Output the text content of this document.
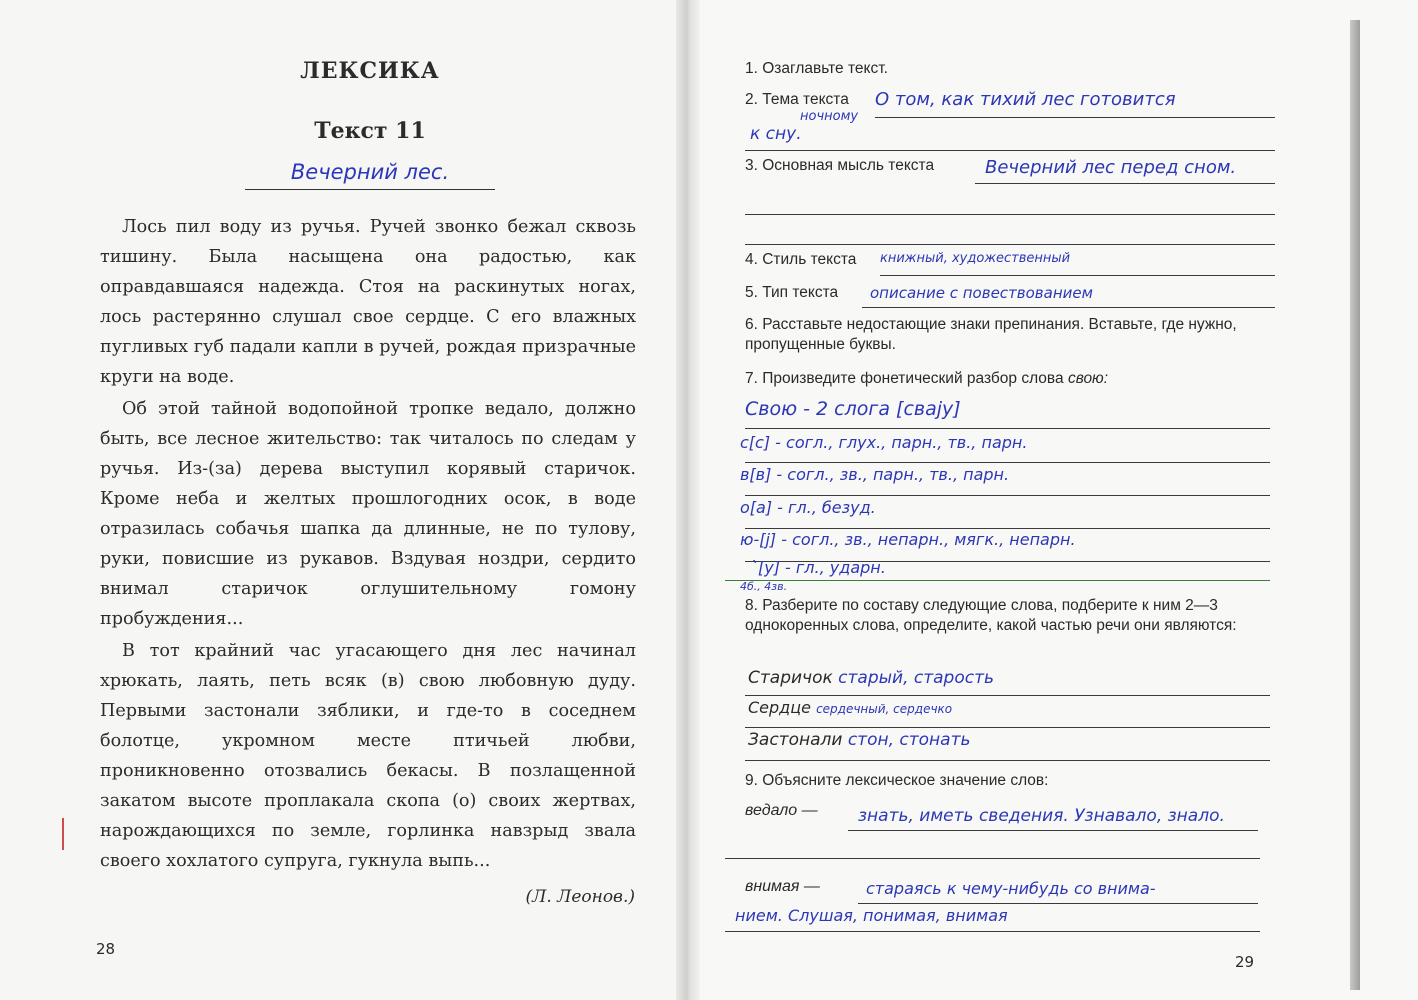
ЛЕКСИКА
Текст 11
Вечерний лес.

Лось пил воду из ручья. Ручей звонко бежал сквозь тишину. Была насыщена она радостью, как оправдавшаяся надежда. Стоя на раскинутых ногах, лось растерянно слушал свое сердце. С его влажных пугливых губ падали капли в ручей, рождая призрачные круги на воде.

Об этой тайной водопойной тропке ведало, должно быть, все лесное жительство: так читалось по следам у ручья. Из-(за) дерева выступил корявый старичок. Кроме неба и желтых прошлогодних осок, в воде отразилась собачья шапка да длинные, не по тулову, руки, повисшие из рукавов. Вздувая ноздри, сердито внимал старичок оглушительному гомону пробуждения...

В тот крайний час угасающего дня лес начинал хрюкать, лаять, петь всяк (в) свою любовную дуду. Первыми застонали зяблики, и где-то в соседнем болотце, укромном месте птичьей любви, проникновенно отозвались бекасы. В позлащенной закатом высоте проплакала скопа (о) своих жертвах, нарождающихся по земле, горлинка навзрыд звала своего хохлатого супруга, гукнула выпь...

(Л. Леонов.)
28
1. Озаглавьте текст.
2. Тема текста О том, как тихий лес готовится
ночному
к сну.
3. Основная мысль текста	Вечерний лес перед сном.
4. Стиль текста книжный, художественный
5. Тип текста описание с повествованием
6. Расставьте недостающие знаки препинания. Вставьте, где нужно, пропущенные буквы.
7. Произведите фонетический разбор слова свою:
Свою - 2 слога [сваjу]
с[с] - согл., глух., парн., тв., парн.
в[в] - согл., зв., парн., тв., парн.
о[а] - гл., безуд.
ю-[j] - согл., зв., непарн., мягк., непарн.
`[у] - гл., ударн.
4б., 4зв.
8. Разберите по составу следующие слова, подберите к ним 2—3 однокоренных слова, определите, какой частью речи они являются:
Старичок старый, старость
Сердце сердечный, сердечко
Застонали стон, стонать
9. Объясните лексическое значение слов:
ведало — знать, иметь сведения. Узнавало, знало.
внимая —	стараясь к чему-нибудь со внима-
нием. Слушая, понимая, внимая
29
